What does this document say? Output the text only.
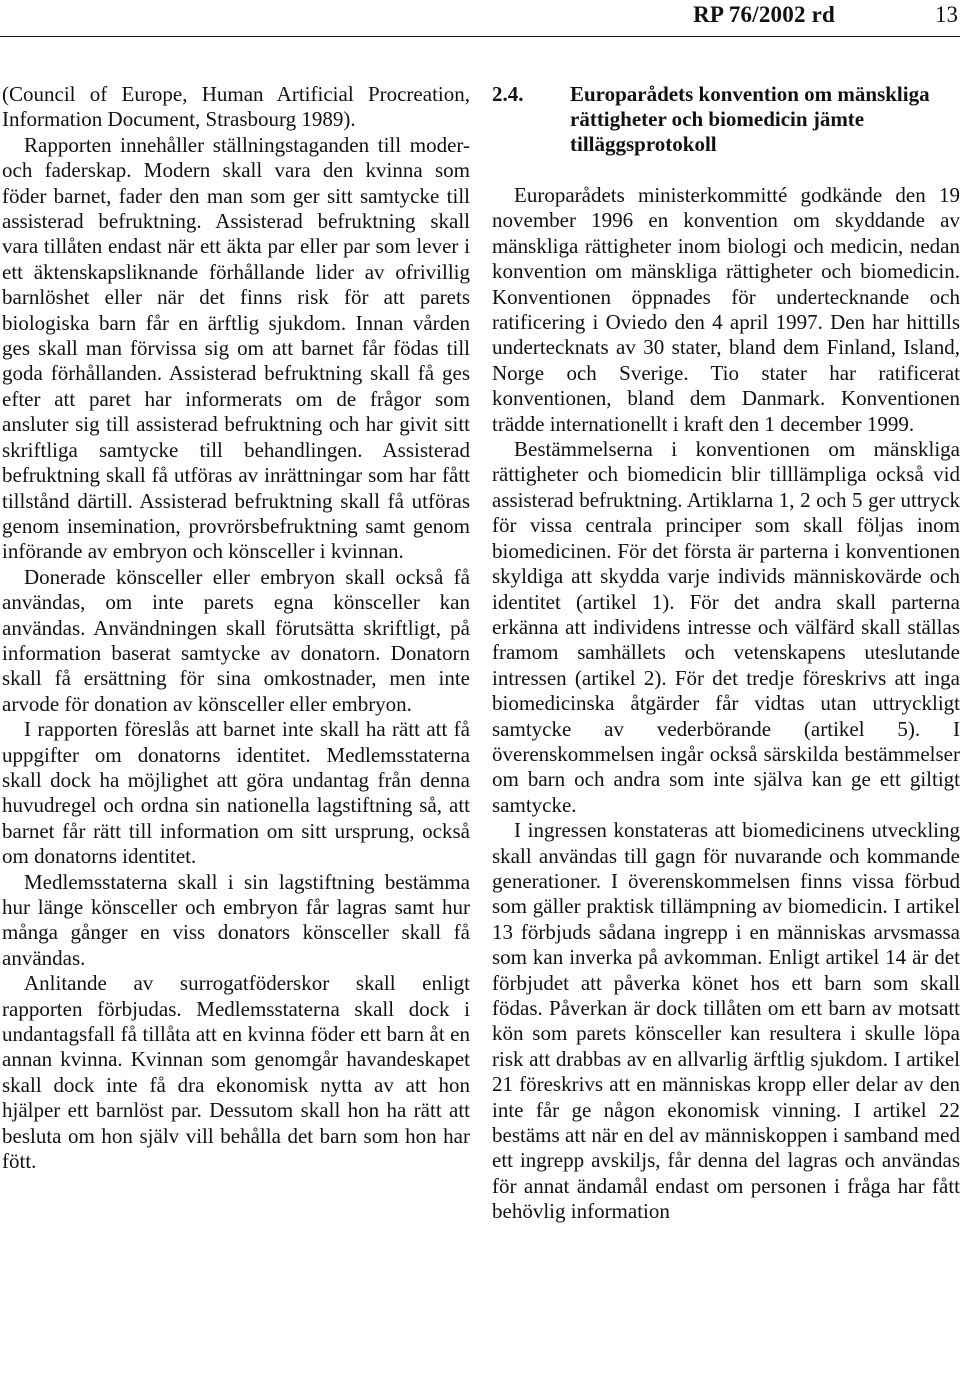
RP 76/2002 rd	13

(Council of Europe, Human Artificial Procreation, Information Document, Strasbourg 1989).

Rapporten innehåller ställningstaganden till moder- och faderskap. Modern skall vara den kvinna som föder barnet, fader den man som ger sitt samtycke till assisterad befruktning. Assisterad befruktning skall vara tillåten endast när ett äkta par eller par som lever i ett äktenskapsliknande förhållande lider av ofrivillig barnlöshet eller när det finns risk för att parets biologiska barn får en ärftlig sjukdom. Innan vården ges skall man förvissa sig om att barnet får födas till goda förhållanden. Assisterad befruktning skall få ges efter att paret har informerats om de frågor som ansluter sig till assisterad befruktning och har givit sitt skriftliga samtycke till behandlingen. Assisterad befruktning skall få utföras av inrättningar som har fått tillstånd därtill. Assisterad befruktning skall få utföras genom insemination, provrörsbefruktning samt genom införande av embryon och könsceller i kvinnan.

Donerade könsceller eller embryon skall också få användas, om inte parets egna könsceller kan användas. Användningen skall förutsätta skriftligt, på information baserat samtycke av donatorn. Donatorn skall få ersättning för sina omkostnader, men inte arvode för donation av könsceller eller embryon.

I rapporten föreslås att barnet inte skall ha rätt att få uppgifter om donatorns identitet. Medlemsstaterna skall dock ha möjlighet att göra undantag från denna huvudregel och ordna sin nationella lagstiftning så, att barnet får rätt till information om sitt ursprung, också om donatorns identitet.

Medlemsstaterna skall i sin lagstiftning bestämma hur länge könsceller och embryon får lagras samt hur många gånger en viss donators könsceller skall få användas.

Anlitande av surrogatföderskor skall enligt rapporten förbjudas. Medlemsstaterna skall dock i undantagsfall få tillåta att en kvinna föder ett barn åt en annan kvinna. Kvinnan som genomgår havandeskapet skall dock inte få dra ekonomisk nytta av att hon hjälper ett barnlöst par. Dessutom skall hon ha rätt att besluta om hon själv vill behålla det barn som hon har fött.

2.4.	Europarådets konvention om mänskliga rättigheter och biomedicin jämte tilläggsprotokoll

Europarådets ministerkommitté godkände den 19 november 1996 en konvention om skyddande av mänskliga rättigheter inom biologi och medicin, nedan konvention om mänskliga rättigheter och biomedicin. Konventionen öppnades för undertecknande och ratificering i Oviedo den 4 april 1997. Den har hittills undertecknats av 30 stater, bland dem Finland, Island, Norge och Sverige. Tio stater har ratificerat konventionen, bland dem Danmark. Konventionen trädde internationellt i kraft den 1 december 1999.

Bestämmelserna i konventionen om mänskliga rättigheter och biomedicin blir tilllämpliga också vid assisterad befruktning. Artiklarna 1, 2 och 5 ger uttryck för vissa centrala principer som skall följas inom biomedicinen. För det första är parterna i konventionen skyldiga att skydda varje individs människovärde och identitet (artikel 1). För det andra skall parterna erkänna att individens intresse och välfärd skall ställas framom samhällets och vetenskapens uteslutande intressen (artikel 2). För det tredje föreskrivs att inga biomedicinska åtgärder får vidtas utan uttryckligt samtycke av vederbörande (artikel 5). I överenskommelsen ingår också särskilda bestämmelser om barn och andra som inte själva kan ge ett giltigt samtycke.

I ingressen konstateras att biomedicinens utveckling skall användas till gagn för nuvarande och kommande generationer. I överenskommelsen finns vissa förbud som gäller praktisk tillämpning av biomedicin. I artikel 13 förbjuds sådana ingrepp i en människas arvsmassa som kan inverka på avkomman. Enligt artikel 14 är det förbjudet att påverka könet hos ett barn som skall födas. Påverkan är dock tillåten om ett barn av motsatt kön som parets könsceller kan resultera i skulle löpa risk att drabbas av en allvarlig ärftlig sjukdom. I artikel 21 föreskrivs att en människas kropp eller delar av den inte får ge någon ekonomisk vinning. I artikel 22 bestäms att när en del av människoppen i samband med ett ingrepp avskiljs, får denna del lagras och användas för annat ändamål endast om personen i fråga har fått behövlig information
